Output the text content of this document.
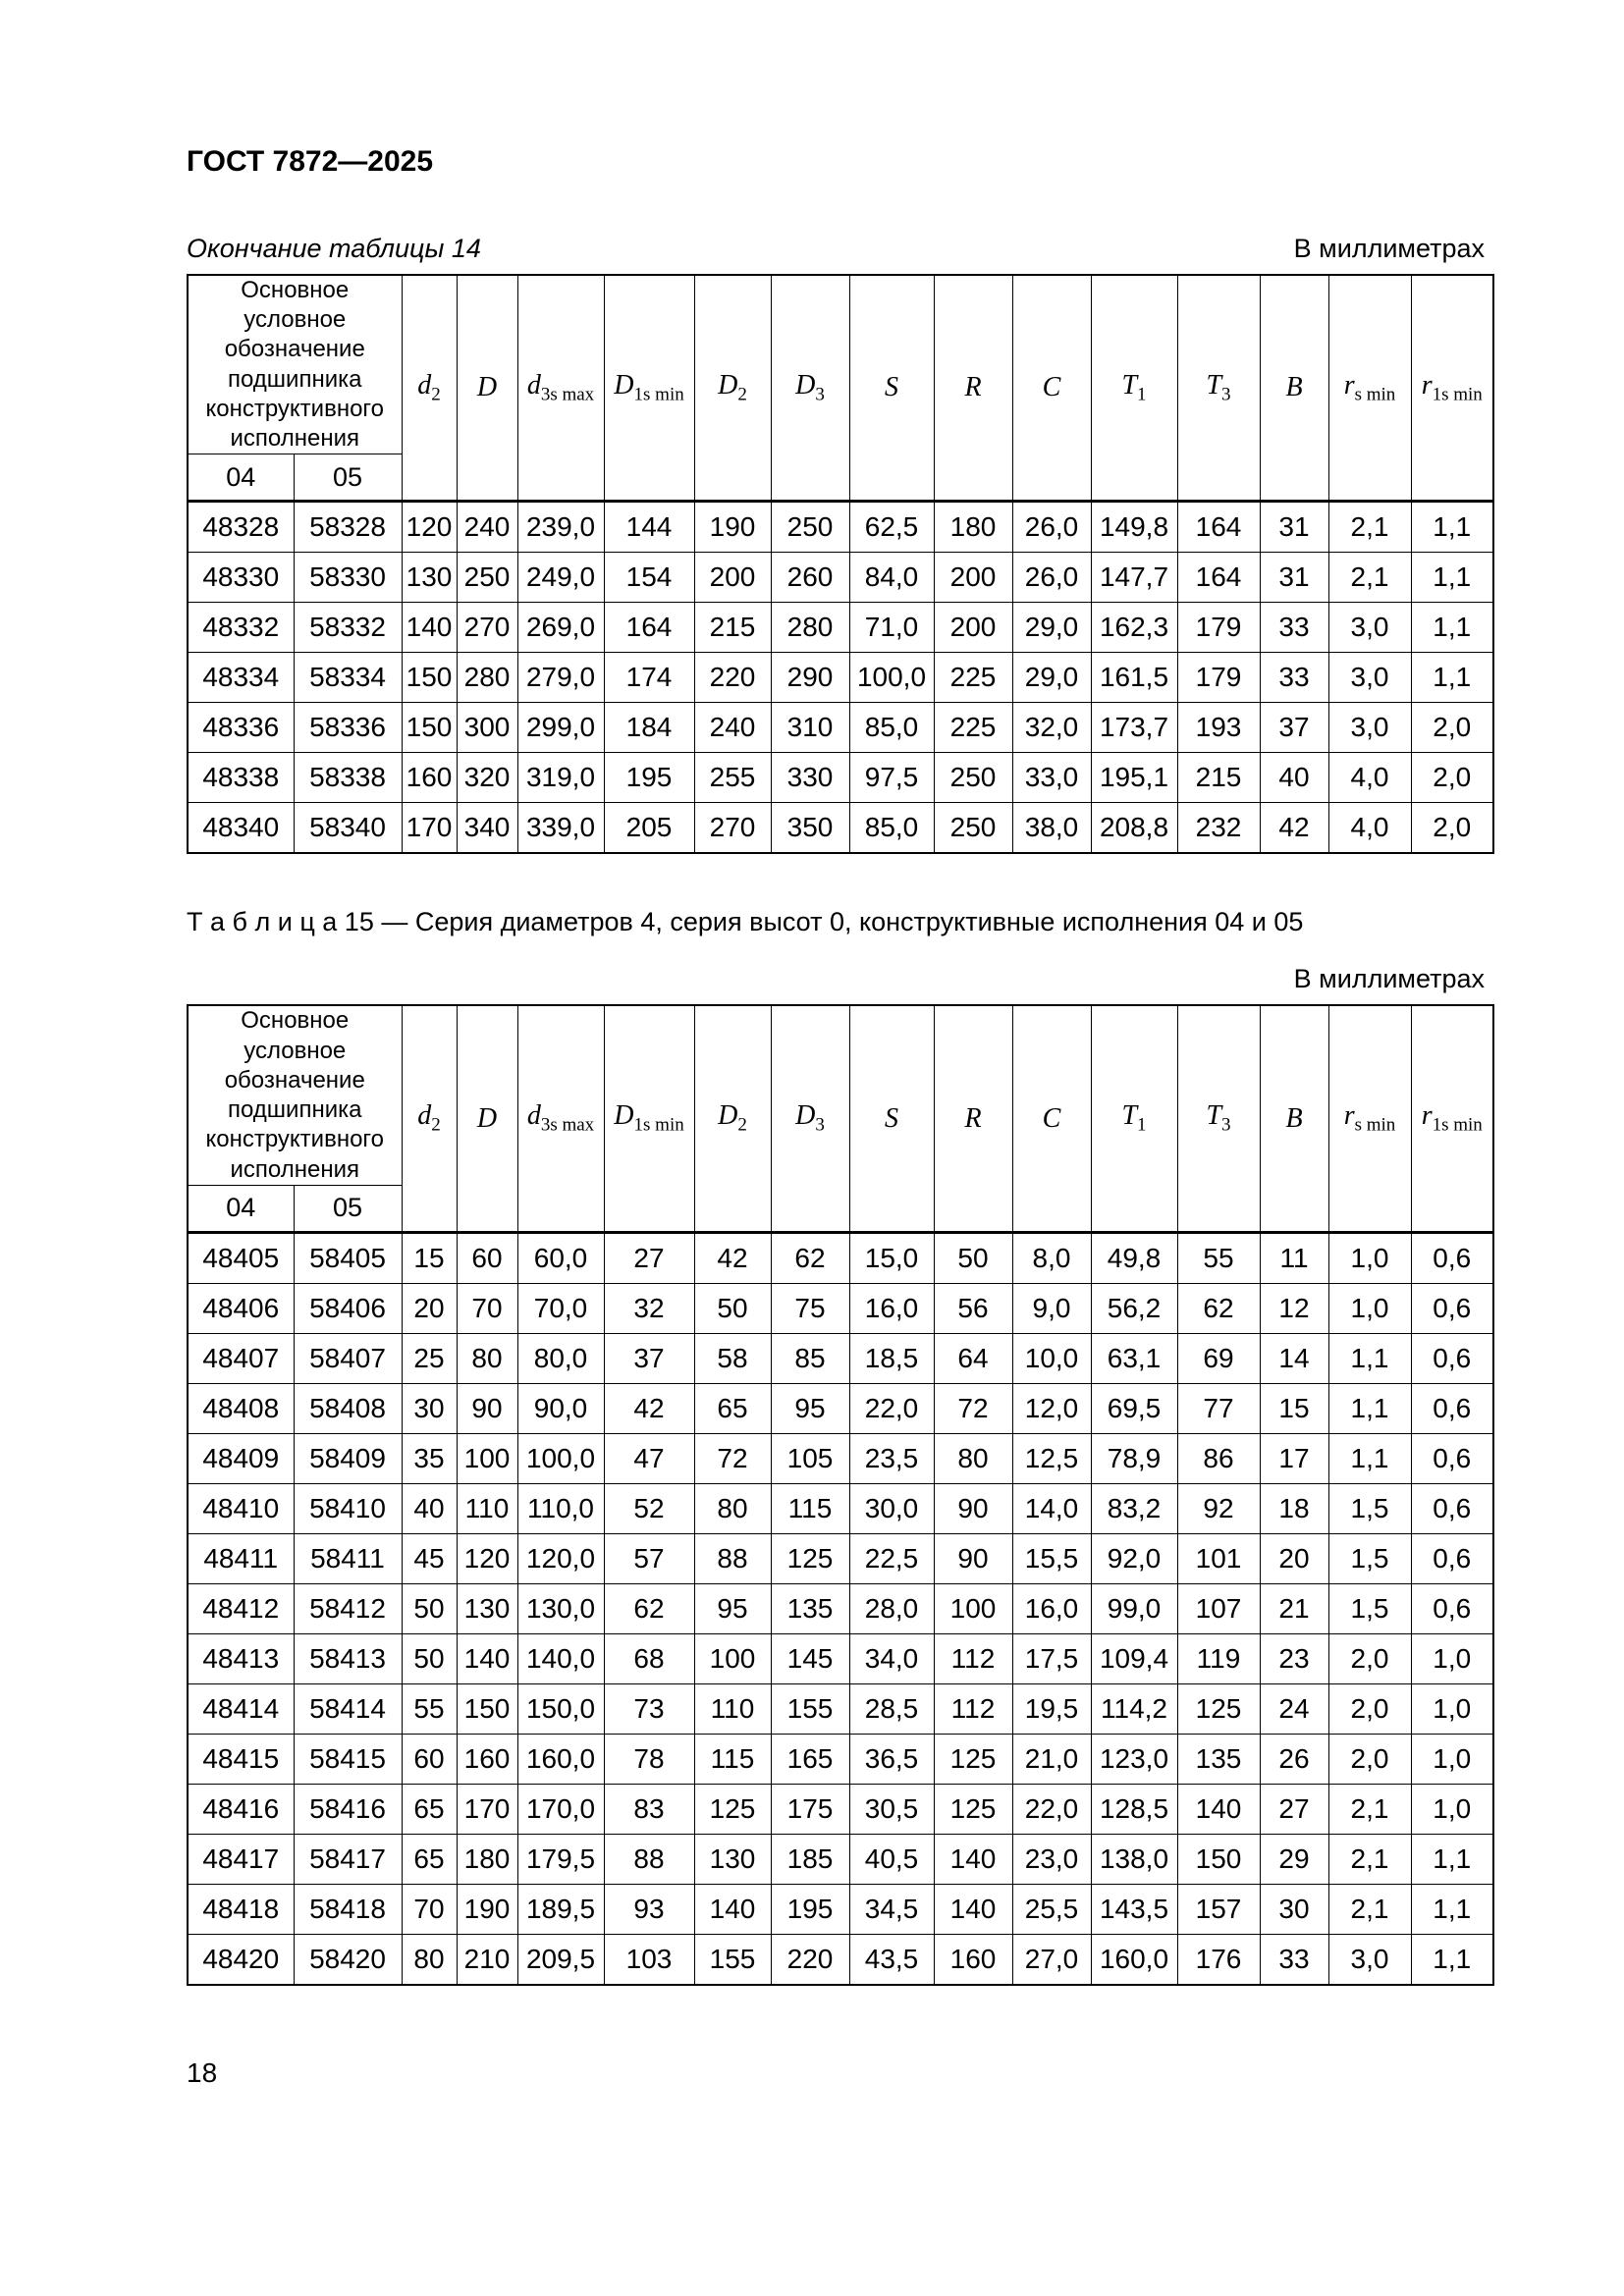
ГОСТ 7872—2025

Окончание таблицы 14	В миллиметрах
Основное условное обозначение подшипника конструктивного исполнения		$d_2$	D	$d_{3s max}$	$D_{1s min}$	$D_2$	$D_3$	S	R	C	$T_1$	$T_3$	B	$r_{s min}$	$r_{1s min}$
04	05														
48328	58328	120	240	239,0	144	190	250	62,5	180	26,0	149,8	164	31	2,1	1,1
48330	58330	130	250	249,0	154	200	260	84,0	200	26,0	147,7	164	31	2,1	1,1
48332	58332	140	270	269,0	164	215	280	71,0	200	29,0	162,3	179	33	3,0	1,1
48334	58334	150	280	279,0	174	220	290	100,0	225	29,0	161,5	179	33	3,0	1,1
48336	58336	150	300	299,0	184	240	310	85,0	225	32,0	173,7	193	37	3,0	2,0
48338	58338	160	320	319,0	195	255	330	97,5	250	33,0	195,1	215	40	4,0	2,0
48340	58340	170	340	339,0	205	270	350	85,0	250	38,0	208,8	232	42	4,0	2,0

Т а б л и ц а 15 — Серия диаметров 4, серия высот 0, конструктивные исполнения 04 и 05

В миллиметрах
Основное условное обозначение подшипника конструктивного исполнения		$d_2$	D	$d_{3s max}$	$D_{1s min}$	$D_2$	$D_3$	S	R	C	$T_1$	$T_3$	B	$r_{s min}$	$r_{1s min}$
04	05														
48405	58405	15	60	60,0	27	42	62	15,0	50	8,0	49,8	55	11	1,0	0,6
48406	58406	20	70	70,0	32	50	75	16,0	56	9,0	56,2	62	12	1,0	0,6
48407	58407	25	80	80,0	37	58	85	18,5	64	10,0	63,1	69	14	1,1	0,6
48408	58408	30	90	90,0	42	65	95	22,0	72	12,0	69,5	77	15	1,1	0,6
48409	58409	35	100	100,0	47	72	105	23,5	80	12,5	78,9	86	17	1,1	0,6
48410	58410	40	110	110,0	52	80	115	30,0	90	14,0	83,2	92	18	1,5	0,6
48411	58411	45	120	120,0	57	88	125	22,5	90	15,5	92,0	101	20	1,5	0,6
48412	58412	50	130	130,0	62	95	135	28,0	100	16,0	99,0	107	21	1,5	0,6
48413	58413	50	140	140,0	68	100	145	34,0	112	17,5	109,4	119	23	2,0	1,0
48414	58414	55	150	150,0	73	110	155	28,5	112	19,5	114,2	125	24	2,0	1,0
48415	58415	60	160	160,0	78	115	165	36,5	125	21,0	123,0	135	26	2,0	1,0
48416	58416	65	170	170,0	83	125	175	30,5	125	22,0	128,5	140	27	2,1	1,0
48417	58417	65	180	179,5	88	130	185	40,5	140	23,0	138,0	150	29	2,1	1,1
48418	58418	70	190	189,5	93	140	195	34,5	140	25,5	143,5	157	30	2,1	1,1
48420	58420	80	210	209,5	103	155	220	43,5	160	27,0	160,0	176	33	3,0	1,1
18
